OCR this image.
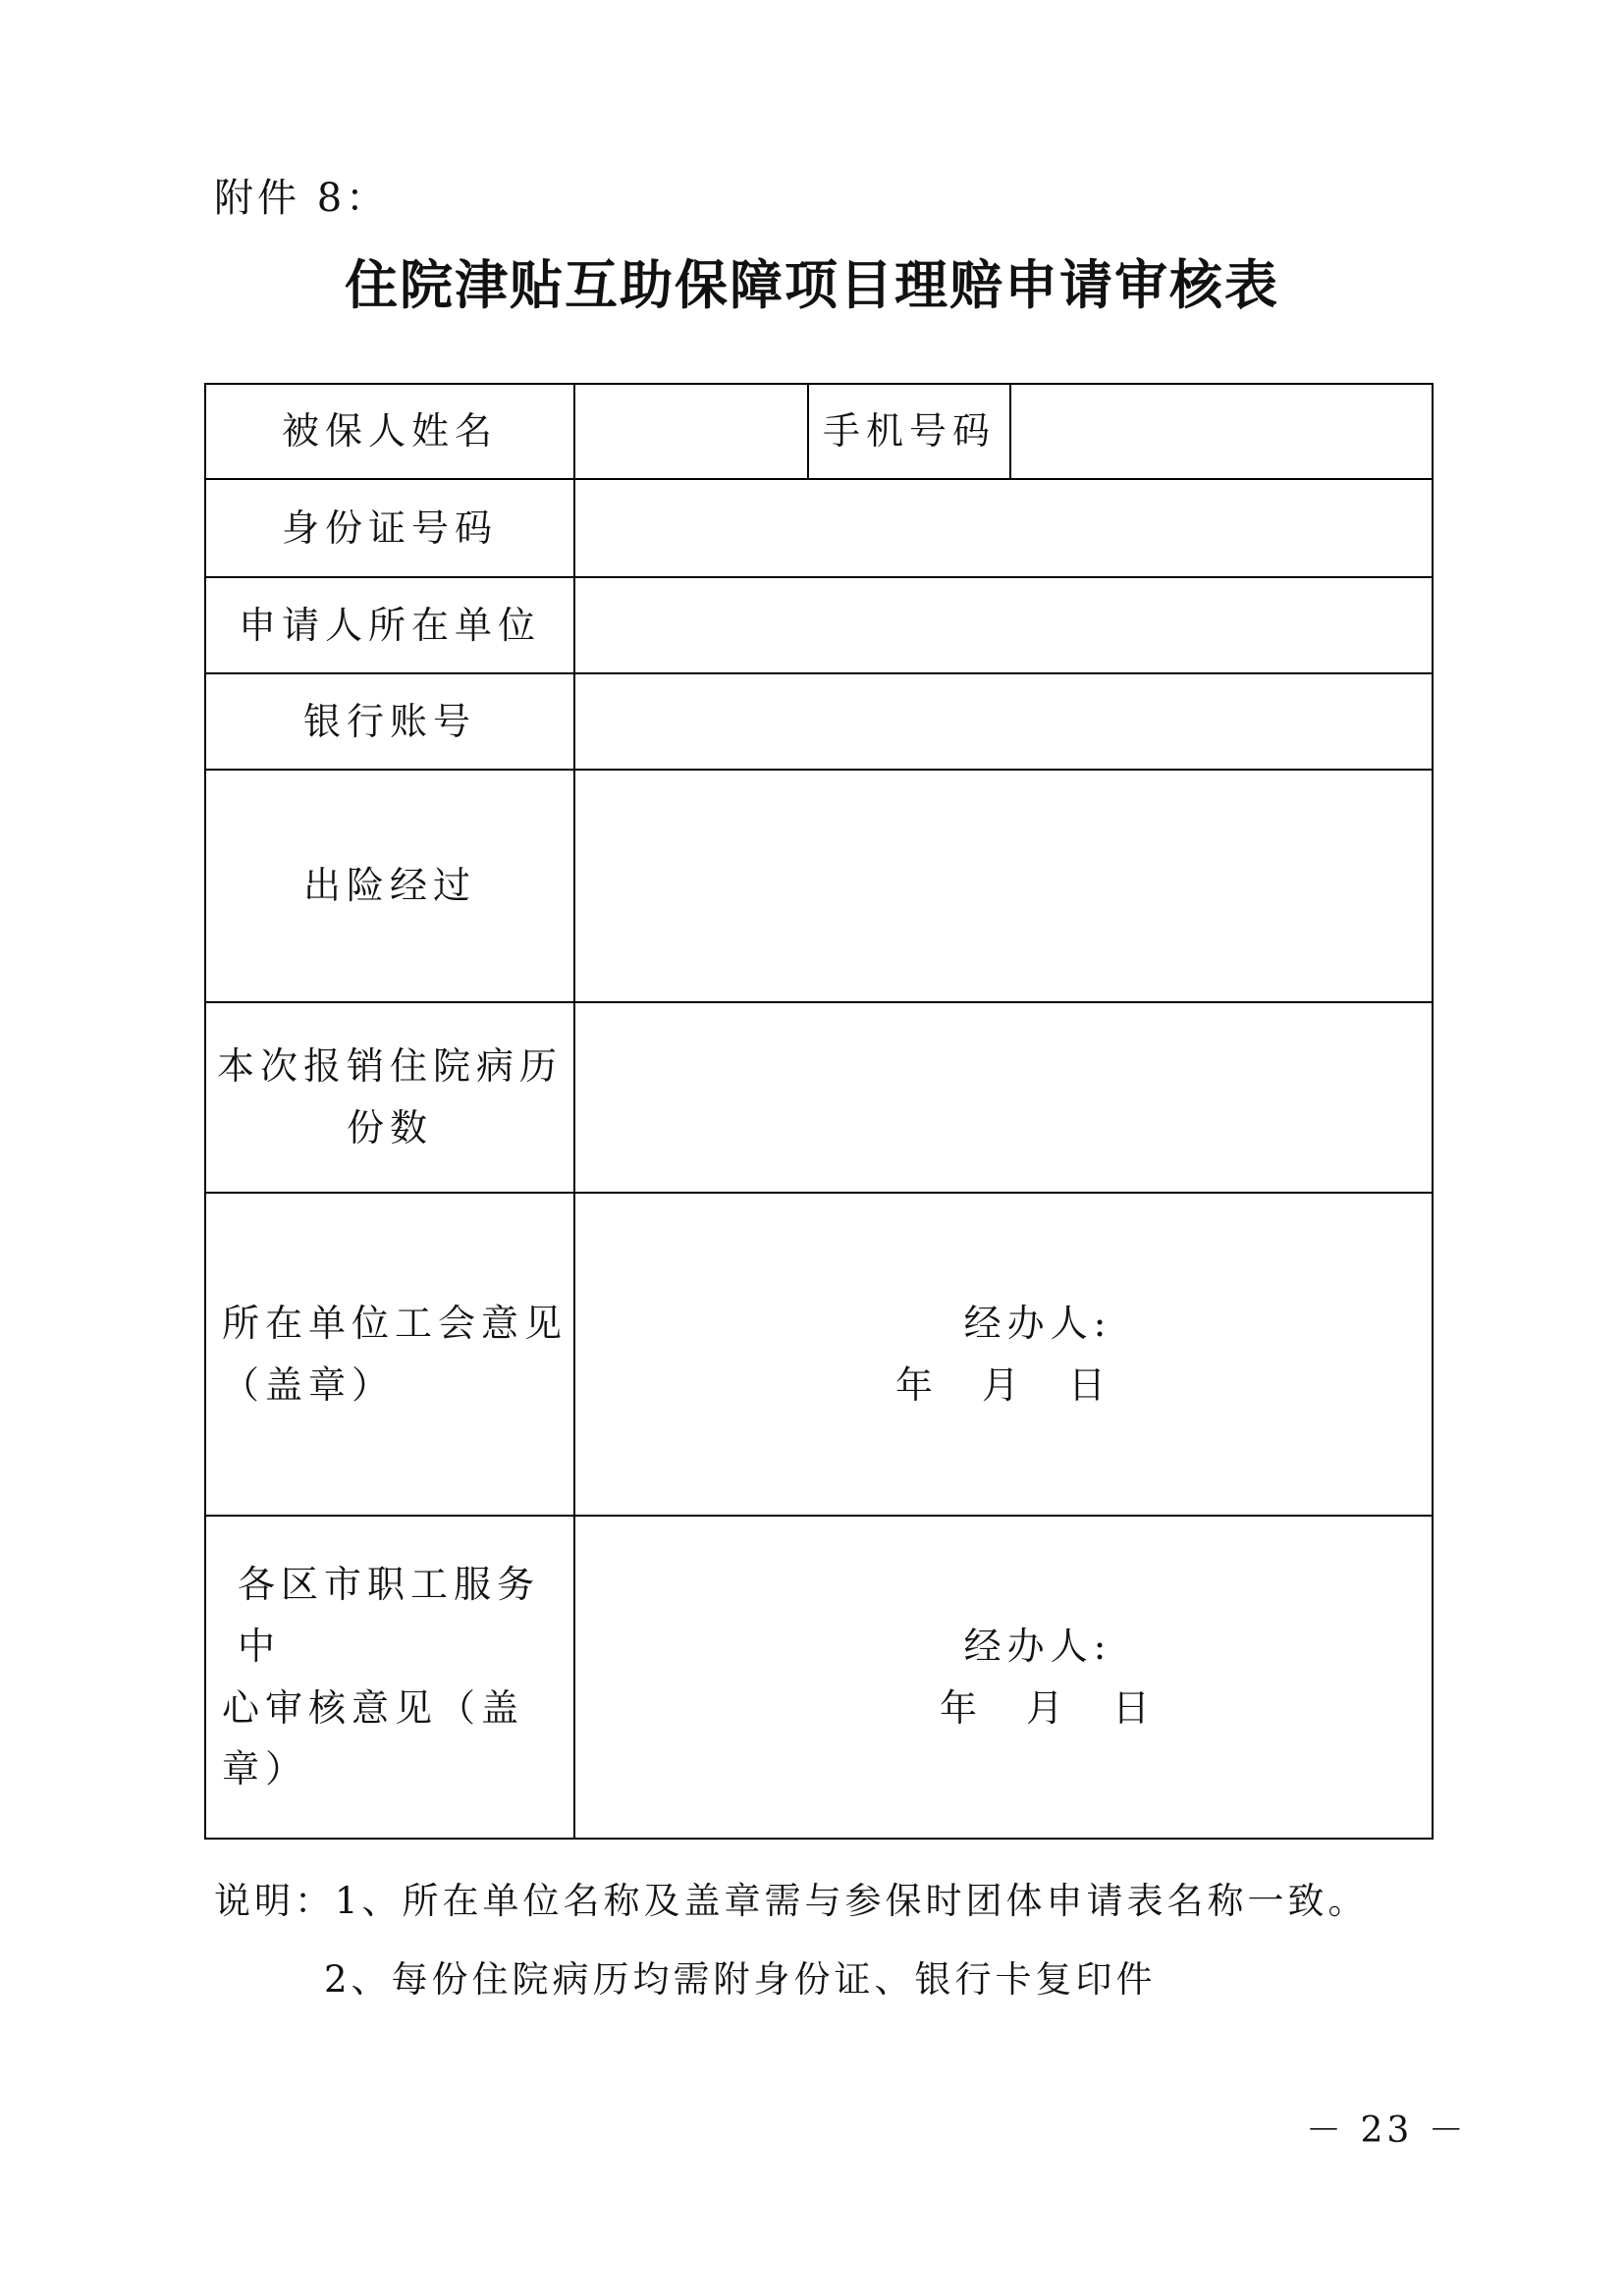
附件 8：
住院津贴互助保障项目理赔申请审核表
被保人姓名		手机号码	
身份证号码			
申请人所在单位			
银行账号			
出险经过			

本次报销住院病历
份数			

所在单位工会意见
（盖章）	经办人:
年　月　日		

各区市职工服务中
心审核意见（盖章）	经办人:
年　月　日		
说明：1、所在单位名称及盖章需与参保时团体申请表名称一致。
2、每份住院病历均需附身份证、银行卡复印件
－ 23 －
